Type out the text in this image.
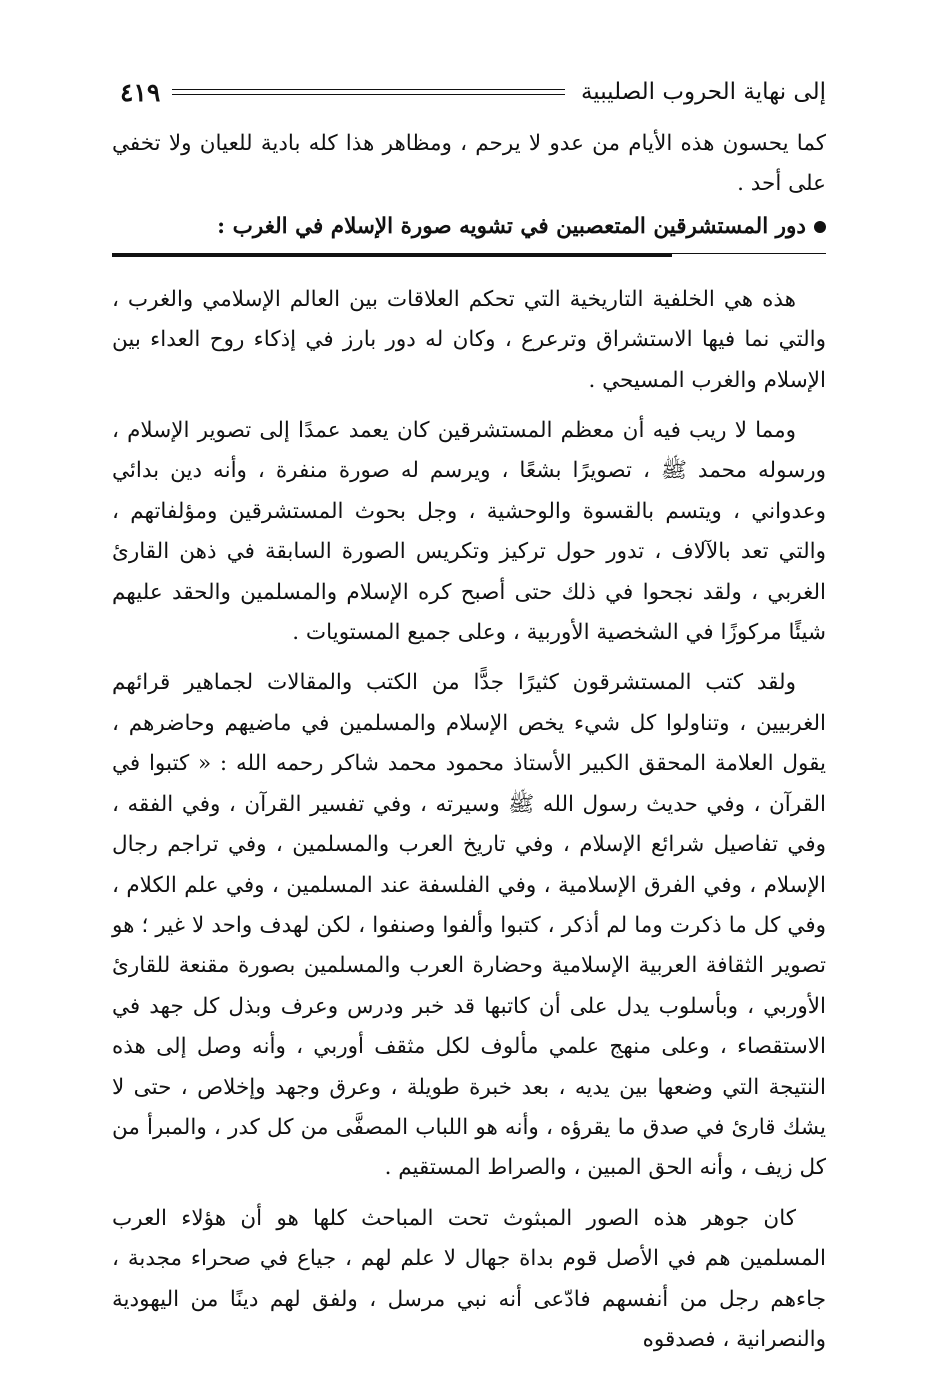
إلى نهاية الحروب الصليبية
٤١٩

كما يحسون هذه الأيام من عدو لا يرحم ، ومظاهر هذا كله بادية للعيان ولا تخفي على أحد .

دور المستشرقين المتعصبين في تشويه صورة الإسلام في الغرب :

هذه هي الخلفية التاريخية التي تحكم العلاقات بين العالم الإسلامي والغرب ، والتي نما فيها الاستشراق وترعرع ، وكان له دور بارز في إذكاء روح العداء بين الإسلام والغرب المسيحي .

ومما لا ريب فيه أن معظم المستشرقين كان يعمد عمدًا إلى تصوير الإسلام ، ورسوله محمد ﷺ ، تصويرًا بشعًا ، ويرسم له صورة منفرة ، وأنه دين بدائي وعدواني ، ويتسم بالقسوة والوحشية ، وجل بحوث المستشرقين ومؤلفاتهم ، والتي تعد بالآلاف ، تدور حول تركيز وتكريس الصورة السابقة في ذهن القارئ الغربي ، ولقد نجحوا في ذلك حتى أصبح كره الإسلام والمسلمين والحقد عليهم شيئًا مركوزًا في الشخصية الأوربية ، وعلى جميع المستويات .

ولقد كتب المستشرقون كثيرًا جدًّا من الكتب والمقالات لجماهير قرائهم الغربيين ، وتناولوا كل شيء يخص الإسلام والمسلمين في ماضيهم وحاضرهم ، يقول العلامة المحقق الكبير الأستاذ محمود محمد شاكر رحمه الله : « كتبوا في القرآن ، وفي حديث رسول الله ﷺ وسيرته ، وفي تفسير القرآن ، وفي الفقه ، وفي تفاصيل شرائع الإسلام ، وفي تاريخ العرب والمسلمين ، وفي تراجم رجال الإسلام ، وفي الفرق الإسلامية ، وفي الفلسفة عند المسلمين ، وفي علم الكلام ، وفي كل ما ذكرت وما لم أذكر ، كتبوا وألفوا وصنفوا ، لكن لهدف واحد لا غير ؛ هو تصوير الثقافة العربية الإسلامية وحضارة العرب والمسلمين بصورة مقنعة للقارئ الأوربي ، وبأسلوب يدل على أن كاتبها قد خبر ودرس وعرف وبذل كل جهد في الاستقصاء ، وعلى منهج علمي مألوف لكل مثقف أوربي ، وأنه وصل إلى هذه النتيجة التي وضعها بين يديه ، بعد خبرة طويلة ، وعرق وجهد وإخلاص ، حتى لا يشك قارئ في صدق ما يقرؤه ، وأنه هو اللباب المصفَّى من كل كدر ، والمبرأ من كل زيف ، وأنه الحق المبين ، والصراط المستقيم .

كان جوهر هذه الصور المبثوث تحت المباحث كلها هو أن هؤلاء العرب المسلمين هم في الأصل قوم بداة جهال لا علم لهم ، جياع في صحراء مجدبة ، جاءهم رجل من أنفسهم فادّعى أنه نبي مرسل ، ولفق لهم دينًا من اليهودية والنصرانية ، فصدقوه
